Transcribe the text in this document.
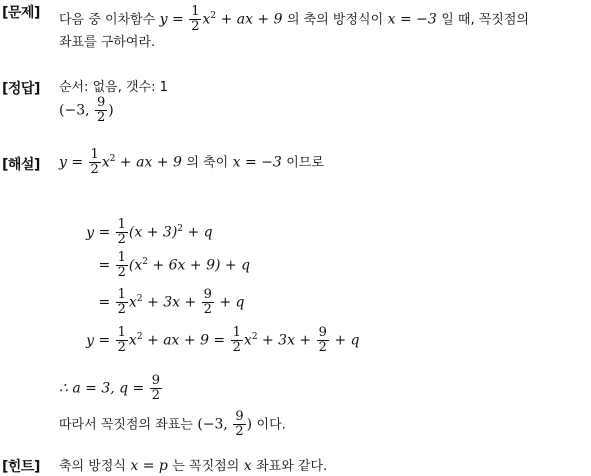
[문제] 다음 중 이차함수 $y = \frac{1}{2} x^2$ + ax + 9 의 축의 방정식이 x = −3 일 때, 꼭짓점의
좌표를 구하여라.
[정답] 순서: 없음, 갯수: 1
(−3, $\frac{9}{2}$ )
[해설] $y = \frac{1}{2} x^2$ + ax + 9 의 축이 x = −3 이므로
$y = \frac{1}{2} (x + 3)^2 + q$
= $\frac{1}{2} (x^2 + 6x + 9) + q$
= $\frac{1}{2} x^2 + 3x + \frac{9}{2} + q$
$y = \frac{1}{2} x^2$ + ax + $9 = \frac{1}{2} x^2 + 3x + \frac{9}{2} + q$
∴ a = 3, $q = \frac{9}{2}$
따라서 꼭짓점의 좌표는 (−3, $\frac{9}{2}$ ) 이다.
[힌트] 축의 방정식 x = p 는 꼭짓점의 x 좌표와 같다.
